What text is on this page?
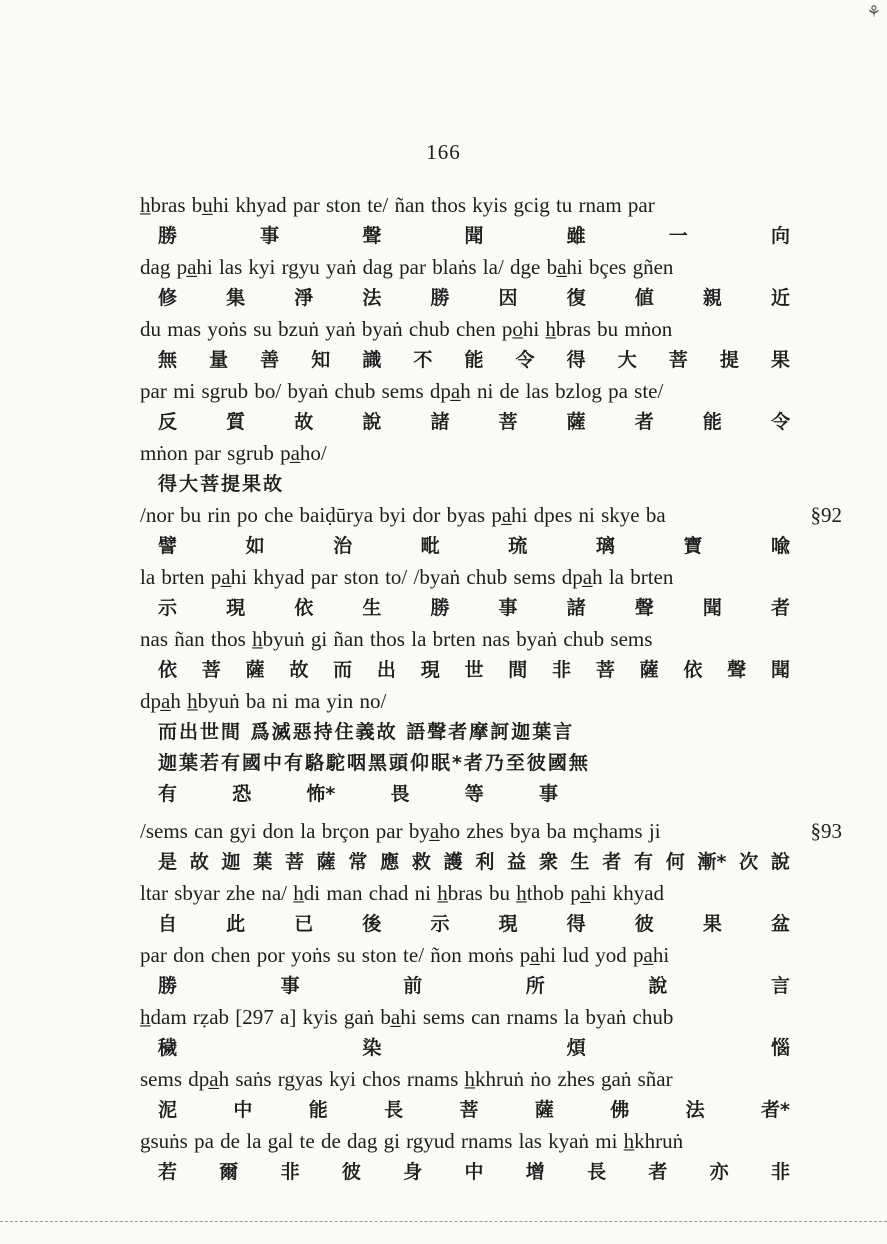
⚘
166
h̲bras bu̲hi khyad par ston te/ ñan thos kyis gcig tu rnam par
勝	事	聲	聞	雖	一	向
dag pa̲hi las kyi rgyu yaṅ dag par blaṅs la/ dge ba̲hi bçes gñen
修	集	淨	法	勝	因	復	値	親	近
du mas yoṅs su bzuṅ yaṅ byaṅ chub chen po̲hi h̲bras bu mṅon
無 量 善 知 識 不 能 令 得 大 菩 提 果
par mi sgrub bo/ byaṅ chub sems dpa̲h ni de las bzlog pa ste/
反	質	故	說	諸	菩	薩	者	能	令
mṅon par sgrub pa̲ho/
得大菩提果故
/nor bu rin po che baiḍūrya byi dor byas pa̲hi dpes ni skye ba	§92
譬	如	治	毗	琉	璃	寶	喩
la brten pa̲hi khyad par ston to/ /byaṅ chub sems dpa̲h la brten
示	現	依	生	勝	事	諸	聲	聞	者
nas ñan thos h̲byuṅ gi ñan thos la brten nas byaṅ chub sems
依 菩 薩 故 而 出 現 世 間 非 菩 薩 依 聲 聞
dpa̲h h̲byuṅ ba ni ma yin no/
而出世間 爲滅惡持住義故 語聲者摩訶迦葉言
迦葉若有國中有駱駝咽黑頭仰眠*者乃至彼國無
有	恐	怖*	畏	等	事
/sems can gyi don la brçon par bya̲ho zhes bya ba mçhams ji	§93
是 故 迦 葉 菩 薩 常 應 救 護 利 益 衆 生 者 有 何 漸* 次 說
ltar sbyar zhe na/ h̲di man chad ni h̲bras bu h̲thob pa̲hi khyad
自	此	已	後	示	現	得	彼	果	盆
par don chen por yoṅs su ston te/ ñon moṅs pa̲hi lud yod pa̲hi
勝	事	前	所	說	言
h̲dam rẓab [297 a] kyis gaṅ ba̲hi sems can rnams la byaṅ chub
穢	染	煩	惱
sems dpa̲h saṅs rgyas kyi chos rnams h̲khruṅ ṅo zhes gaṅ sñar
泥	中	能	長	菩	薩	佛	法	者*
gsuṅs pa de la gal te de dag gi rgyud rnams las kyaṅ mi h̲khruṅ
若 爾 非 彼 身 中 增 長 者 亦 非
